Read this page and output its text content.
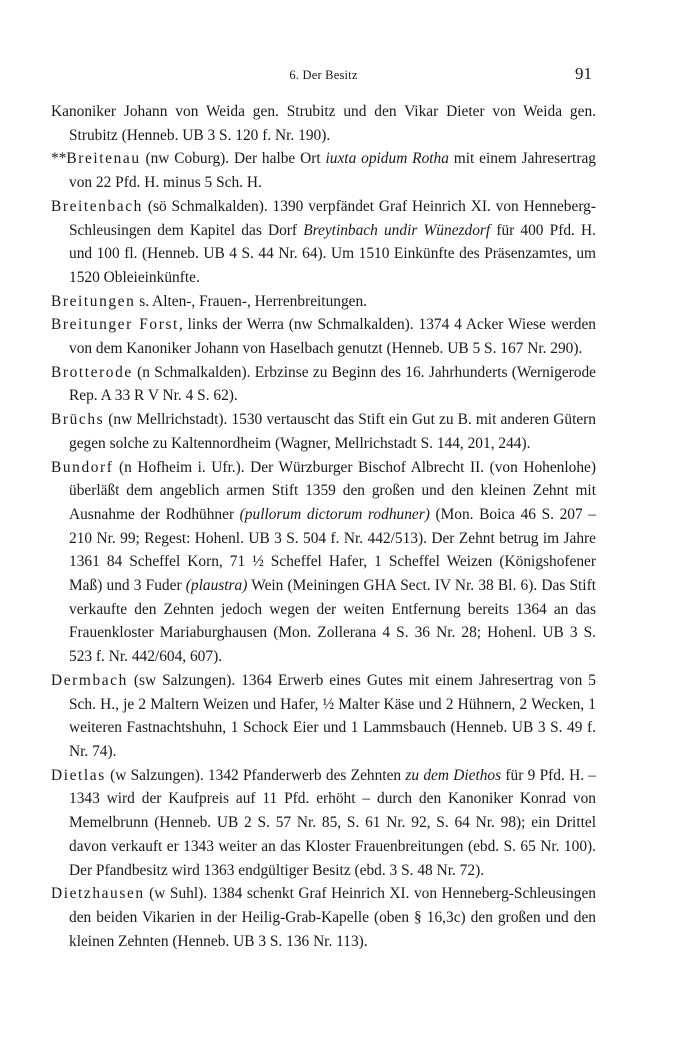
6. Der Besitz	91

Kanoniker Johann von Weida gen. Strubitz und den Vikar Dieter von Weida gen. Strubitz (Henneb. UB 3 S. 120 f. Nr. 190).

**Breitenau (nw Coburg). Der halbe Ort iuxta opidum Rotha mit einem Jahresertrag von 22 Pfd. H. minus 5 Sch. H.

Breitenbach (sö Schmalkalden). 1390 verpfändet Graf Heinrich XI. von Henneberg-Schleusingen dem Kapitel das Dorf Breytinbach undir Wünezdorf für 400 Pfd. H. und 100 fl. (Henneb. UB 4 S. 44 Nr. 64). Um 1510 Einkünfte des Präsenzamtes, um 1520 Obleieinkünfte.

Breitungen s. Alten-, Frauen-, Herrenbreitungen.

Breitunger Forst, links der Werra (nw Schmalkalden). 1374 4 Acker Wiese werden von dem Kanoniker Johann von Haselbach genutzt (Henneb. UB 5 S. 167 Nr. 290).

Brotterode (n Schmalkalden). Erbzinse zu Beginn des 16. Jahrhunderts (Wernigerode Rep. A 33 R V Nr. 4 S. 62).

Brüchs (nw Mellrichstadt). 1530 vertauscht das Stift ein Gut zu B. mit anderen Gütern gegen solche zu Kaltennordheim (Wagner, Mellrichstadt S. 144, 201, 244).

Bundorf (n Hofheim i. Ufr.). Der Würzburger Bischof Albrecht II. (von Hohenlohe) überläßt dem angeblich armen Stift 1359 den großen und den kleinen Zehnt mit Ausnahme der Rodhühner (pullorum dictorum rodhuner) (Mon. Boica 46 S. 207 – 210 Nr. 99; Regest: Hohenl. UB 3 S. 504 f. Nr. 442/513). Der Zehnt betrug im Jahre 1361 84 Scheffel Korn, 71 ½ Scheffel Hafer, 1 Scheffel Weizen (Königshofener Maß) und 3 Fuder (plaustra) Wein (Meiningen GHA Sect. IV Nr. 38 Bl. 6). Das Stift verkaufte den Zehnten jedoch wegen der weiten Entfernung bereits 1364 an das Frauenkloster Mariaburghausen (Mon. Zollerana 4 S. 36 Nr. 28; Hohenl. UB 3 S. 523 f. Nr. 442/604, 607).

Dermbach (sw Salzungen). 1364 Erwerb eines Gutes mit einem Jahresertrag von 5 Sch. H., je 2 Maltern Weizen und Hafer, ½ Malter Käse und 2 Hühnern, 2 Wecken, 1 weiteren Fastnachtshuhn, 1 Schock Eier und 1 Lammsbauch (Henneb. UB 3 S. 49 f. Nr. 74).

Dietlas (w Salzungen). 1342 Pfanderwerb des Zehnten zu dem Diethos für 9 Pfd. H. – 1343 wird der Kaufpreis auf 11 Pfd. erhöht – durch den Kanoniker Konrad von Memelbrunn (Henneb. UB 2 S. 57 Nr. 85, S. 61 Nr. 92, S. 64 Nr. 98); ein Drittel davon verkauft er 1343 weiter an das Kloster Frauenbreitungen (ebd. S. 65 Nr. 100). Der Pfandbesitz wird 1363 endgültiger Besitz (ebd. 3 S. 48 Nr. 72).

Dietzhausen (w Suhl). 1384 schenkt Graf Heinrich XI. von Henneberg-Schleusingen den beiden Vikarien in der Heilig-Grab-Kapelle (oben § 16,3c) den großen und den kleinen Zehnten (Henneb. UB 3 S. 136 Nr. 113).
